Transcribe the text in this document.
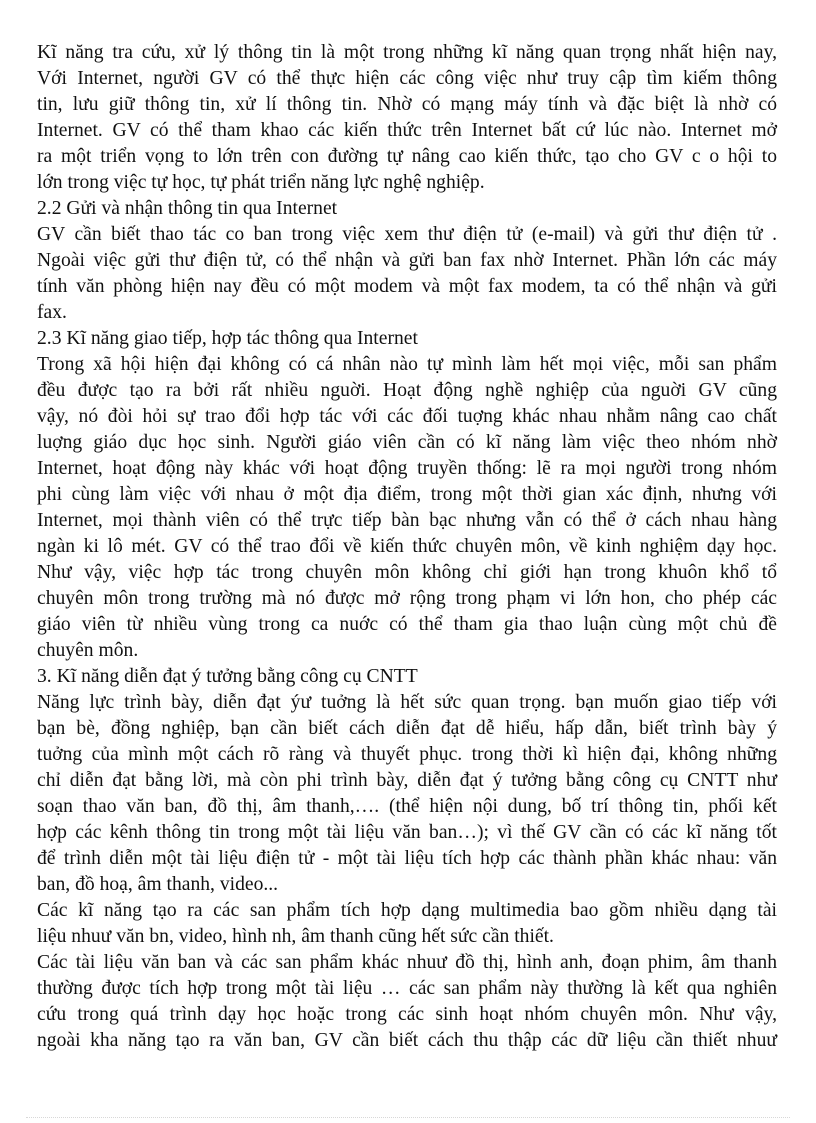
Kĩ năng tra cứu, xử lý thông tin là một trong những kĩ năng quan trọng nhất hiện nay,
Với Internet, người GV có thể thực hiện các công việc như truy cập tìm kiếm thông
tin, lưu giữ thông tin, xử lí thông tin. Nhờ có mạng máy tính và đặc biệt là nhờ có
Internet. GV có thể tham khao các kiến thức trên Internet bất cứ lúc nào. Internet mở
ra một triển vọng to lớn trên con đường tự nâng cao kiến thức, tạo cho GV c o hội to
lớn trong việc tự học, tự phát triển năng lực nghệ nghiệp.
2.2 Gửi và nhận thông tin qua Internet
GV cần biết thao tác co ban trong việc xem thư điện tử (e-mail) và gửi thư điện tử .
Ngoài việc gửi thư điện tử, có thể nhận và gửi ban fax nhờ Internet. Phần lớn các máy
tính văn phòng hiện nay đều có một modem và một fax modem, ta có thể nhận và gửi
fax.
2.3 Kĩ năng giao tiếp, hợp tác thông qua Internet
Trong xã hội hiện đại không có cá nhân nào tự mình làm hết mọi việc, mỗi san phẩm
đều được tạo ra bởi rất nhiều nguời. Hoạt động nghề nghiệp của nguời GV cũng
vậy, nó đòi hỏi sự trao đổi hợp tác với các đối tuợng khác nhau nhằm nâng cao chất
luợng giáo dục học sinh. Người giáo viên cần có kĩ năng làm việc theo nhóm nhờ
Internet, hoạt động này khác với hoạt động truyền thống: lẽ ra mọi người trong nhóm
phi cùng làm việc với nhau ở một địa điểm, trong một thời gian xác định, nhưng với
Internet, mọi thành viên có thể trực tiếp bàn bạc nhưng vẫn có thể ở cách nhau hàng
ngàn ki lô mét. GV có thể trao đổi về kiến thức chuyên môn, về kinh nghiệm dạy học.
Như vậy, việc hợp tác trong chuyên môn không chỉ giới hạn trong khuôn khổ tổ
chuyên môn trong trường mà nó được mở rộng trong phạm vi lớn hon, cho phép các
giáo viên từ nhiều vùng trong ca nuớc có thể tham gia thao luận cùng một chủ đề
chuyên môn.
3. Kĩ năng diễn đạt ý tưởng bằng công cụ CNTT
Năng lực trình bày, diễn đạt ýư tuởng là hết sức quan trọng. bạn muốn giao tiếp với
bạn bè, đồng nghiệp, bạn cần biết cách diễn đạt dễ hiểu, hấp dẫn, biết trình bày ý
tuởng của mình một cách rõ ràng và thuyết phục. trong thời kì hiện đại, không những
chỉ diễn đạt bằng lời, mà còn phi trình bày, diễn đạt ý tưởng bằng công cụ CNTT như
soạn thao văn ban, đồ thị, âm thanh,…. (thể hiện nội dung, bố trí thông tin, phối kết
hợp các kênh thông tin trong một tài liệu văn ban…); vì thế GV cần có các kĩ năng tốt
để trình diễn một tài liệu điện tử - một tài liệu tích hợp các thành phần khác nhau: văn
ban, đồ hoạ, âm thanh, video...
Các kĩ năng tạo ra các san phẩm tích hợp dạng multimedia bao gồm nhiều dạng tài
liệu nhuư văn bn, video, hình nh, âm thanh cũng hết sức cần thiết.
Các tài liệu văn ban và các san phẩm khác nhuư đồ thị, hình anh, đoạn phim, âm thanh
thường được tích hợp trong một tài liệu … các san phẩm này thường là kết qua nghiên
cứu trong quá trình dạy học hoặc trong các sinh hoạt nhóm chuyên môn. Như vậy,
ngoài kha năng tạo ra văn ban, GV cần biết cách thu thập các dữ liệu cần thiết nhuư
